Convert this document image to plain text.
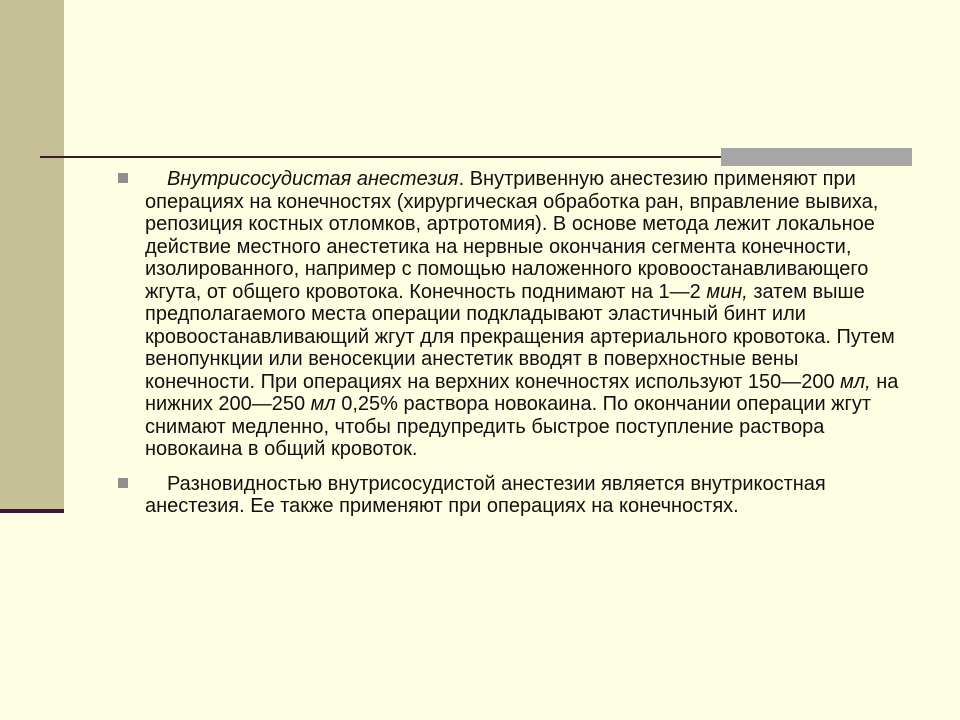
Внутрисосудистая анестезия. Внутривенную анестезию применяют при операциях на конечностях (хирургическая обработка ран, вправление вывиха, репозиция костных отломков, артротомия). В основе метода лежит локальное действие местного анестетика на нервные окончания сегмента конечности, изолированного, например с помощью наложенного кровоостанавливающего жгута, от общего кровотока. Конечность поднимают на 1—2 мин, затем выше предполагаемого места операции подкладывают эластичный бинт или кровоостанавливающий жгут для прекращения артериального кровотока. Путем венопункции или веносекции анестетик вводят в поверхностные вены конечности. При операциях на верхних конечностях используют 150—200 мл, на нижних 200—250 мл 0,25% раствора новокаина. По окончании операции жгут снимают медленно, чтобы предупредить быстрое поступление раствора новокаина в общий кровоток.
Разновидностью внутрисосудистой анестезии является внутрикостная анестезия. Ее также применяют при операциях на конечностях.
